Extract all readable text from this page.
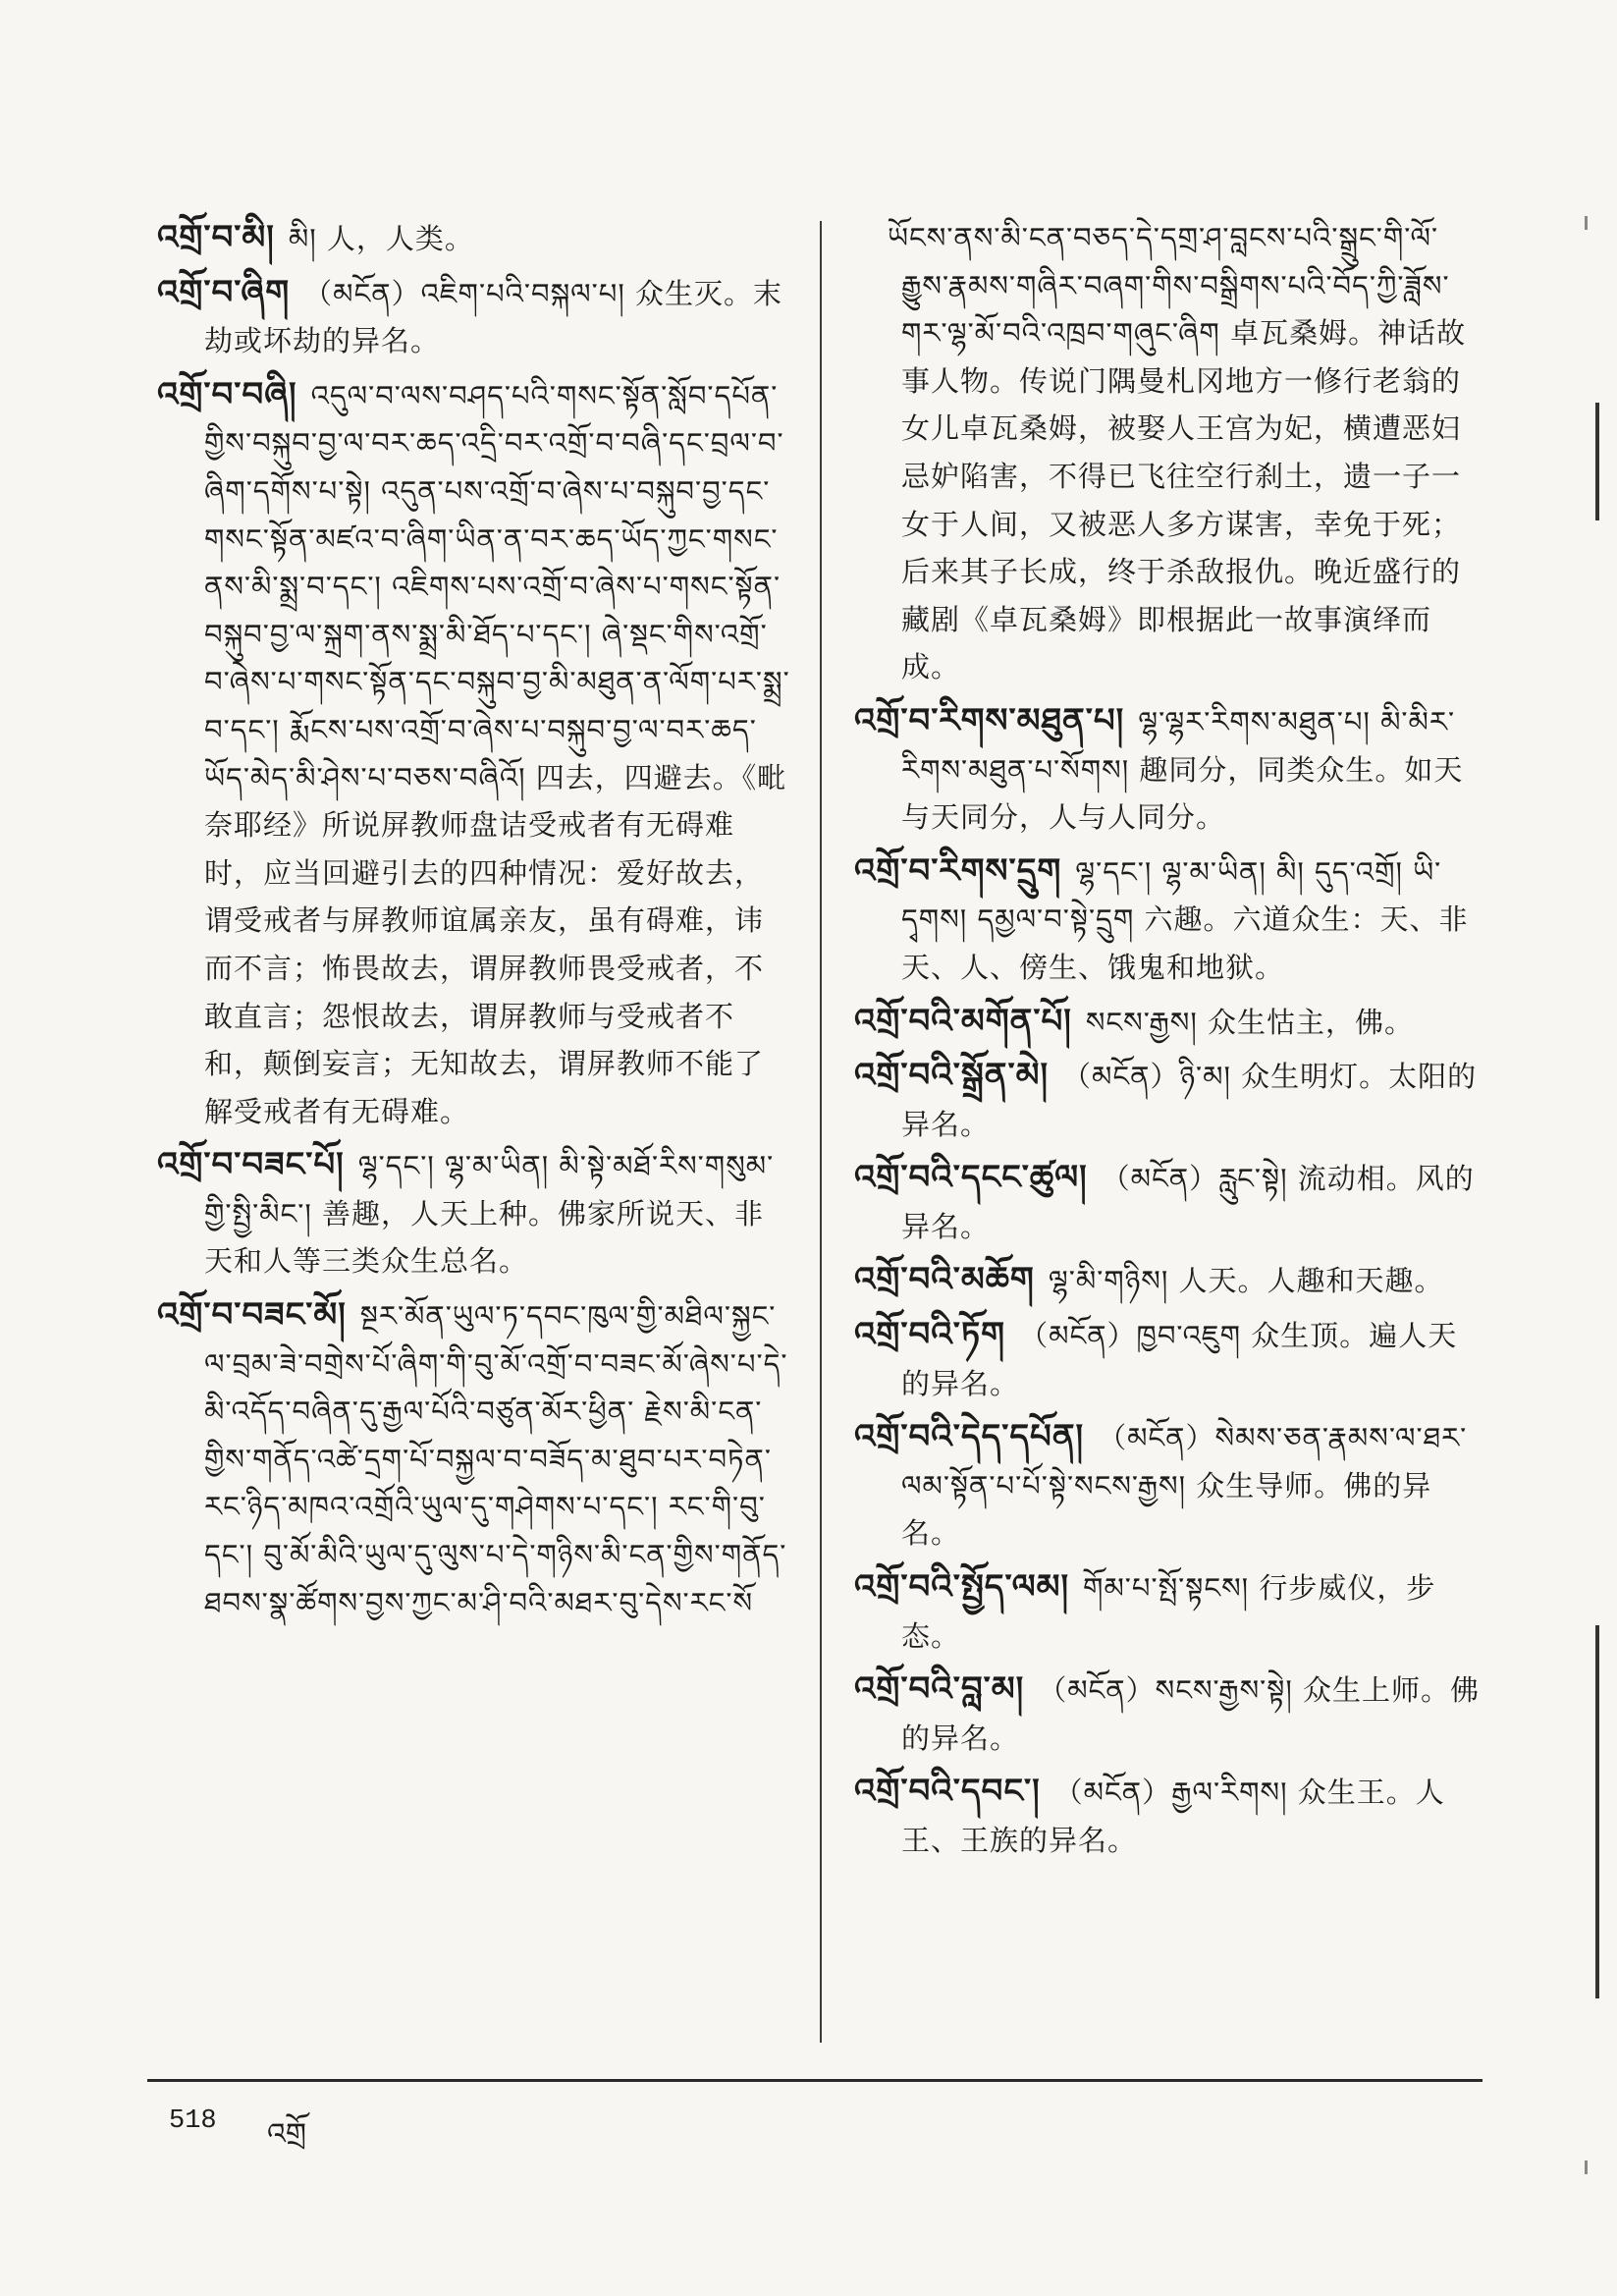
འགྲོ་བ་མི། མི། 人，人类。

འགྲོ་བ་ཞིག （མངོན）འཇིག་པའི་བསྐལ་པ། 众生灭。末劫或坏劫的异名。

འགྲོ་བ་བཞི། འདུལ་བ་ལས་བཤད་པའི་གསང་སྟོན་སློབ་དཔོན་གྱིས་བསྐུབ་བྱ་ལ་བར་ཆད་འདྲི་བར་འགྲོ་བ་བཞི་དང་བྲལ་བ་ཞིག་དགོས་པ་སྟེ། འདུན་པས་འགྲོ་བ་ཞེས་པ་བསྐུབ་བྱ་དང་གསང་སྟོན་མཛའ་བ་ཞིག་ཡིན་ན་བར་ཆད་ཡོད་ཀྱང་གསང་ནས་མི་སྨྲ་བ་དང་། འཇིགས་པས་འགྲོ་བ་ཞེས་པ་གསང་སྟོན་བསྐུབ་བྱ་ལ་སྐྲག་ནས་སྨྲ་མི་ཐོད་པ་དང་། ཞེ་སྡང་གིས་འགྲོ་བ་ཞེས་པ་གསང་སྟོན་དང་བསྐུབ་བྱ་མི་མཐུན་ན་ལོག་པར་སྨྲ་བ་དང་། རྨོངས་པས་འགྲོ་བ་ཞེས་པ་བསྐུབ་བྱ་ལ་བར་ཆད་ཡོད་མེད་མི་ཤེས་པ་བཅས་བཞིའོ། 四去，四避去。《毗奈耶经》所说屏教师盘诘受戒者有无碍难时，应当回避引去的四种情况：爱好故去，谓受戒者与屏教师谊属亲友，虽有碍难，讳而不言；怖畏故去，谓屏教师畏受戒者，不敢直言；怨恨故去，谓屏教师与受戒者不和，颠倒妄言；无知故去，谓屏教师不能了解受戒者有无碍难。

འགྲོ་བ་བཟང་པོ། ལྷ་དང་། ལྷ་མ་ཡིན། མི་སྟེ་མཐོ་རིས་གསུམ་གྱི་སྤྱི་མིང་། 善趣，人天上种。佛家所说天、非天和人等三类众生总名。

འགྲོ་བ་བཟང་མོ། སྔར་མོན་ཡུལ་ཏ་དབང་ཁུལ་གྱི་མཐིལ་སྐྱང་ལ་བྲམ་ཟེ་བགྲེས་པོ་ཞིག་གི་བུ་མོ་འགྲོ་བ་བཟང་མོ་ཞེས་པ་དེ་མི་འདོད་བཞིན་དུ་རྒྱལ་པོའི་བཙུན་མོར་ཕྱིན་ རྗེས་མི་ངན་གྱིས་གནོད་འཚེ་དྲག་པོ་བསྐྱལ་བ་བཟོད་མ་ཐུབ་པར་བཏེན་རང་ཉིད་མཁའ་འགྲོའི་ཡུལ་དུ་གཤེགས་པ་དང་། རང་གི་བུ་དང་། བུ་མོ་མིའི་ཡུལ་དུ་ལུས་པ་དེ་གཉིས་མི་ངན་གྱིས་གནོད་ཐབས་སྣ་ཚོགས་བྱས་ཀྱང་མ་ཤི་བའི་མཐར་བུ་དེས་རང་སོ

ཡོངས་ནས་མི་ངན་བཅད་དེ་དགྲ་ཤ་བླངས་པའི་སྒྲུང་གི་ལོ་རྒྱུས་རྣམས་གཞིར་བཞག་གིས་བསྒྲིགས་པའི་བོད་ཀྱི་ཟློས་གར་ལྷ་མོ་བའི་འཁྲབ་གཞུང་ཞིག 卓瓦桑姆。神话故事人物。传说门隅曼札冈地方一修行老翁的女儿卓瓦桑姆，被娶人王宫为妃，横遭恶妇忌妒陷害，不得已飞往空行刹土，遗一子一女于人间，又被恶人多方谋害，幸免于死；后来其子长成，终于杀敌报仇。晚近盛行的藏剧《卓瓦桑姆》即根据此一故事演绎而成。

འགྲོ་བ་རིགས་མཐུན་པ། ལྷ་ལྷར་རིགས་མཐུན་པ། མི་མིར་རིགས་མཐུན་པ་སོགས། 趣同分，同类众生。如天与天同分，人与人同分。

འགྲོ་བ་རིགས་དྲུག ལྷ་དང་། ལྷ་མ་ཡིན། མི། དུད་འགྲོ། ཡི་དྭགས། དམྱལ་བ་སྟེ་དྲུག 六趣。六道众生：天、非天、人、傍生、饿鬼和地狱。

འགྲོ་བའི་མགོན་པོ། སངས་རྒྱས། 众生怙主，佛。

འགྲོ་བའི་སྒྲོན་མེ། （མངོན）ཉི་མ། 众生明灯。太阳的异名。

འགྲོ་བའི་དངང་ཚུལ། （མངོན）རླུང་སྟེ། 流动相。风的异名。

འགྲོ་བའི་མཆོག ལྷ་མི་གཉིས། 人天。人趣和天趣。

འགྲོ་བའི་ཏོག （མངོན）ཁྱབ་འཇུག 众生顶。遍人天的异名。

འགྲོ་བའི་དེད་དཔོན། （མངོན）སེམས་ཅན་རྣམས་ལ་ཐར་ལམ་སྟོན་པ་པོ་སྟེ་སངས་རྒྱས། 众生导师。佛的异名。

འགྲོ་བའི་སྤྱོད་ལམ། གོམ་པ་སྤོ་སྟངས། 行步威仪，步态。

འགྲོ་བའི་བླ་མ། （མངོན）སངས་རྒྱས་སྟེ། 众生上师。佛的异名。

འགྲོ་བའི་དབང་། （མངོན）རྒྱལ་རིགས། 众生王。人王、王族的异名。

518 འགྲོ
